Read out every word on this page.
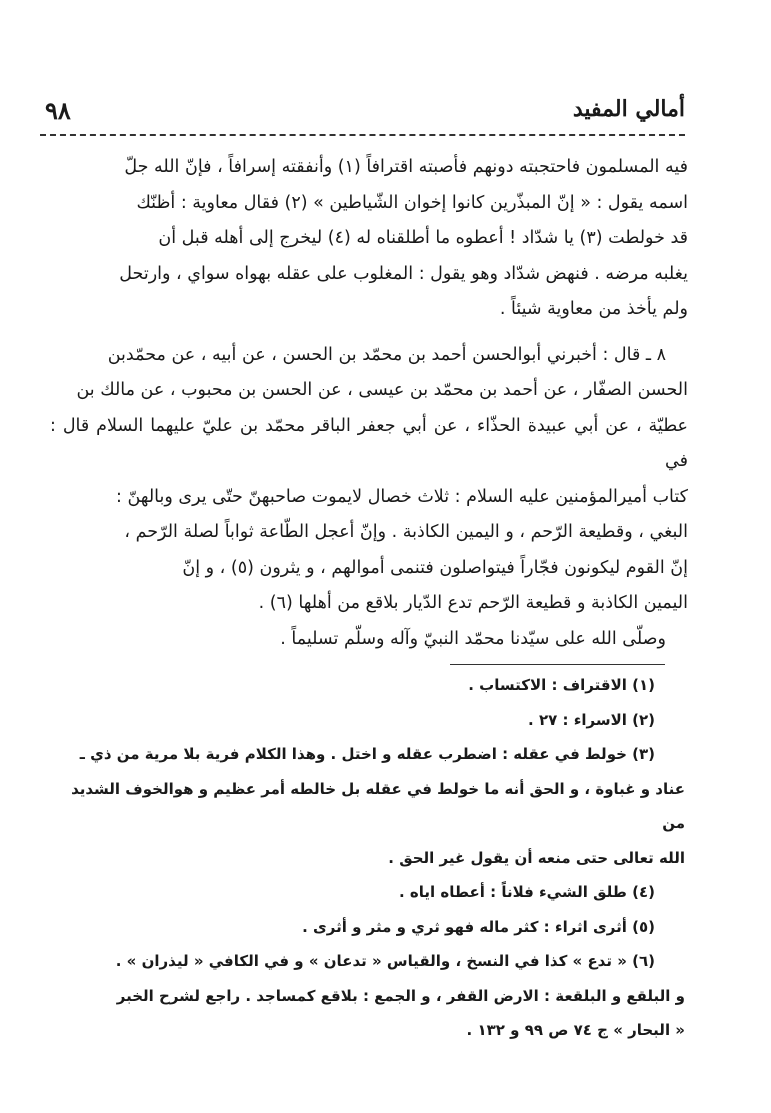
٩٨	أمالي المفيد

فيه المسلمون فاحتجبته دونهم فأصبته اقترافاً (١) وأنفقته إسرافاً ، فإنّ الله جلّ

اسمه يقول : « إنّ المبذّرين كانوا إخوان الشّياطين » (٢) فقال معاوية : أظنّك

قد خولطت (٣) يا شدّاد ! أعطوه ما أطلقناه له (٤) ليخرج إلى أهله قبل أن

يغلبه مرضه . فنهض شدّاد وهو يقول : المغلوب على عقله بهواه سواي ، وارتحل

ولم يأخذ من معاوية شيئاً .

٨ ـ قال : أخبرني أبوالحسن أحمد بن محمّد بن الحسن ، عن أبيه ، عن محمّدبن

الحسن الصفّار ، عن أحمد بن محمّد بن عيسى ، عن الحسن بن محبوب ، عن مالك بن

عطيّة ، عن أبي عبيدة الحذّاء ، عن أبي جعفر الباقر محمّد بن عليّ عليهما السلام قال : في

كتاب أميرالمؤمنين عليه السلام : ثلاث خصال لايموت صاحبهنّ حتّى يرى وبالهنّ :

البغي ، وقطيعة الرّحم ، و اليمين الكاذبة . وإنّ أعجل الطّاعة ثواباً لصلة الرّحم ،

إنّ القوم ليكونون فجّاراً فيتواصلون فتنمى أموالهم ، و يثرون (٥) ، و إنّ

اليمين الكاذبة و قطيعة الرّحم تدع الدّيار بلاقع من أهلها (٦) .

وصلّى الله على سيّدنا محمّد النبيّ وآله وسلّم تسليماً .

(١) الاقتراف : الاكتساب .
(٢) الاسراء : ٢٧ .
(٣) خولط في عقله : اضطرب عقله و اختل . وهذا الكلام فرية بلا مرية من ذي ـ
عناد و غباوة ، و الحق أنه ما خولط في عقله بل خالطه أمر عظيم و هوالخوف الشديد من
الله تعالى حتى منعه أن يقول غير الحق .
(٤) طلق الشيء فلاناً : أعطاه اياه .
(٥) أثرى اثراء : كثر ماله فهو ثري و مثر و أثرى .
(٦) « تدع » كذا في النسخ ، والقياس « تدعان » و في الكافي « ليذران » .
و البلقع و البلقعة : الارض القفر ، و الجمع : بلاقع كمساجد . راجع لشرح الخبر
« البحار » ج ٧٤ ص ٩٩ و ١٣٢ .
